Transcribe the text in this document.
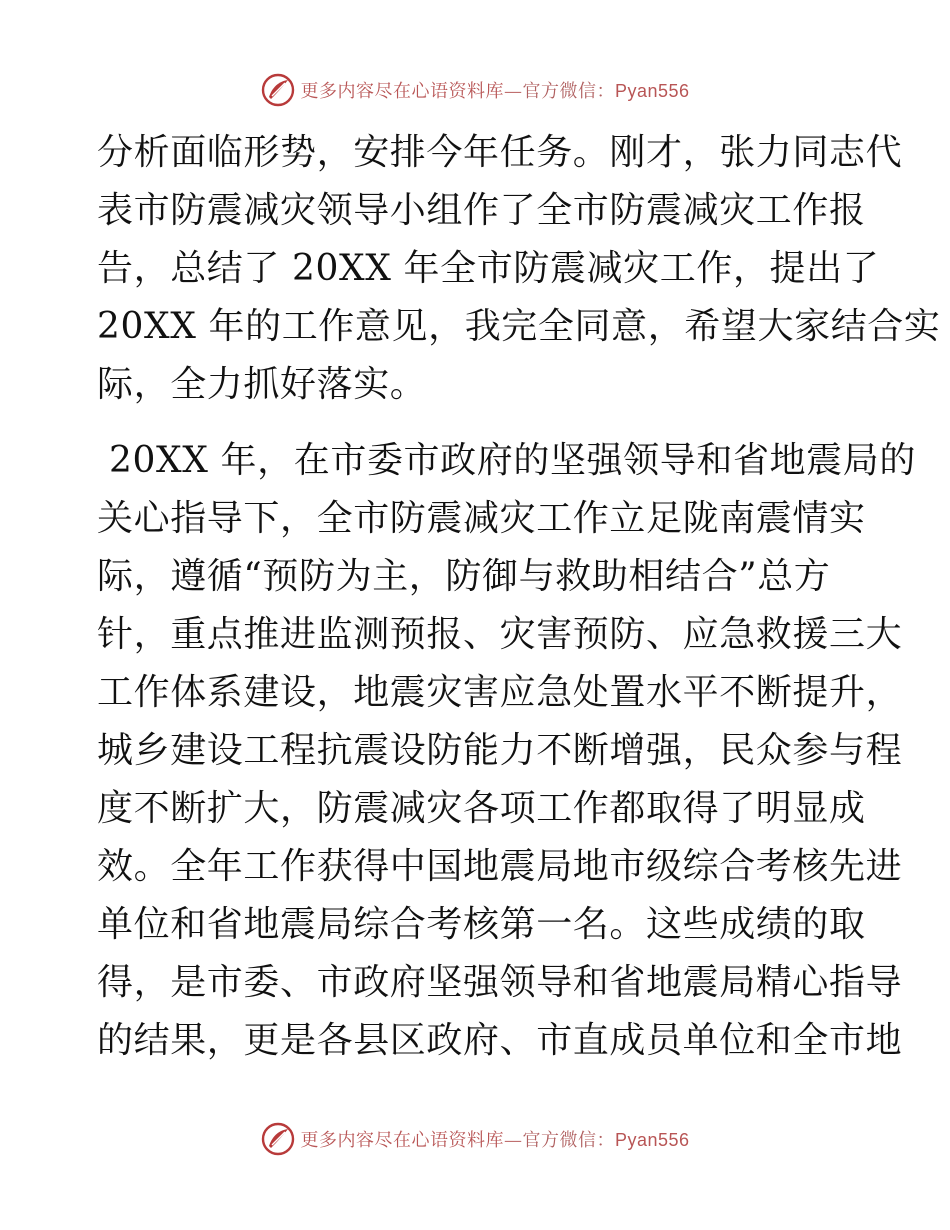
更多内容尽在心语资料库—官方微信：Pyan556
分析面临形势，安排今年任务。刚才，张力同志代
表市防震减灾领导小组作了全市防震减灾工作报
告，总结了 20XX 年全市防震减灾工作，提出了
20XX 年的工作意见，我完全同意，希望大家结合实
际，全力抓好落实。
20XX 年，在市委市政府的坚强领导和省地震局的
关心指导下，全市防震减灾工作立足陇南震情实
际，遵循“预防为主，防御与救助相结合”总方
针，重点推进监测预报、灾害预防、应急救援三大
工作体系建设，地震灾害应急处置水平不断提升，
城乡建设工程抗震设防能力不断增强，民众参与程
度不断扩大，防震减灾各项工作都取得了明显成
效。全年工作获得中国地震局地市级综合考核先进
单位和省地震局综合考核第一名。这些成绩的取
得，是市委、市政府坚强领导和省地震局精心指导
的结果，更是各县区政府、市直成员单位和全市地
更多内容尽在心语资料库—官方微信：Pyan556
